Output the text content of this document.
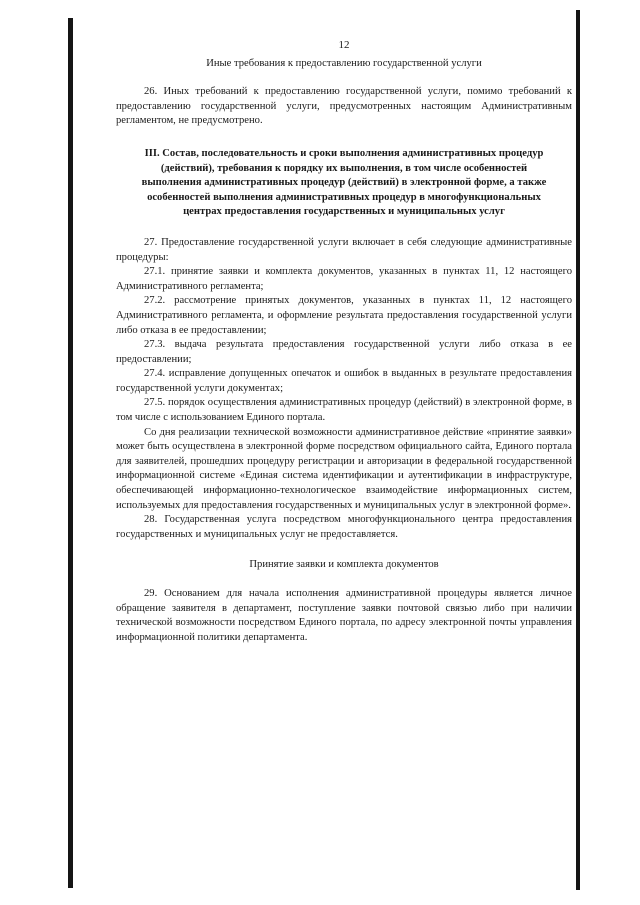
12
Иные требования к предоставлению государственной услуги

26. Иных требований к предоставлению государственной услуги, помимо требований к предоставлению государственной услуги, предусмотренных настоящим Административным регламентом, не предусмотрено.

III. Состав, последовательность и сроки выполнения административных процедур (действий), требования к порядку их выполнения, в том числе особенностей выполнения административных процедур (действий) в электронной форме, а также особенностей выполнения административных процедур в многофункциональных центрах предоставления государственных и муниципальных услуг

27. Предоставление государственной услуги включает в себя следующие административные процедуры:

27.1. принятие заявки и комплекта документов, указанных в пунктах 11, 12 настоящего Административного регламента;

27.2. рассмотрение принятых документов, указанных в пунктах 11, 12 настоящего Административного регламента, и оформление результата предоставления государственной услуги либо отказа в ее предоставлении;

27.3. выдача результата предоставления государственной услуги либо отказа в ее предоставлении;

27.4. исправление допущенных опечаток и ошибок в выданных в результате предоставления государственной услуги документах;

27.5. порядок осуществления административных процедур (действий) в электронной форме, в том числе с использованием Единого портала.

Со дня реализации технической возможности административное действие «принятие заявки» может быть осуществлена в электронной форме посредством официального сайта, Единого портала для заявителей, прошедших процедуру регистрации и авторизации в федеральной государственной информационной системе «Единая система идентификации и аутентификации в инфраструктуре, обеспечивающей информационно-технологическое взаимодействие информационных систем, используемых для предоставления государственных и муниципальных услуг в электронной форме».

28. Государственная услуга посредством многофункционального центра предоставления государственных и муниципальных услуг не предоставляется.

Принятие заявки и комплекта документов

29. Основанием для начала исполнения административной процедуры является личное обращение заявителя в департамент, поступление заявки почтовой связью либо при наличии технической возможности посредством Единого портала, по адресу электронной почты управления информационной политики департамента.
